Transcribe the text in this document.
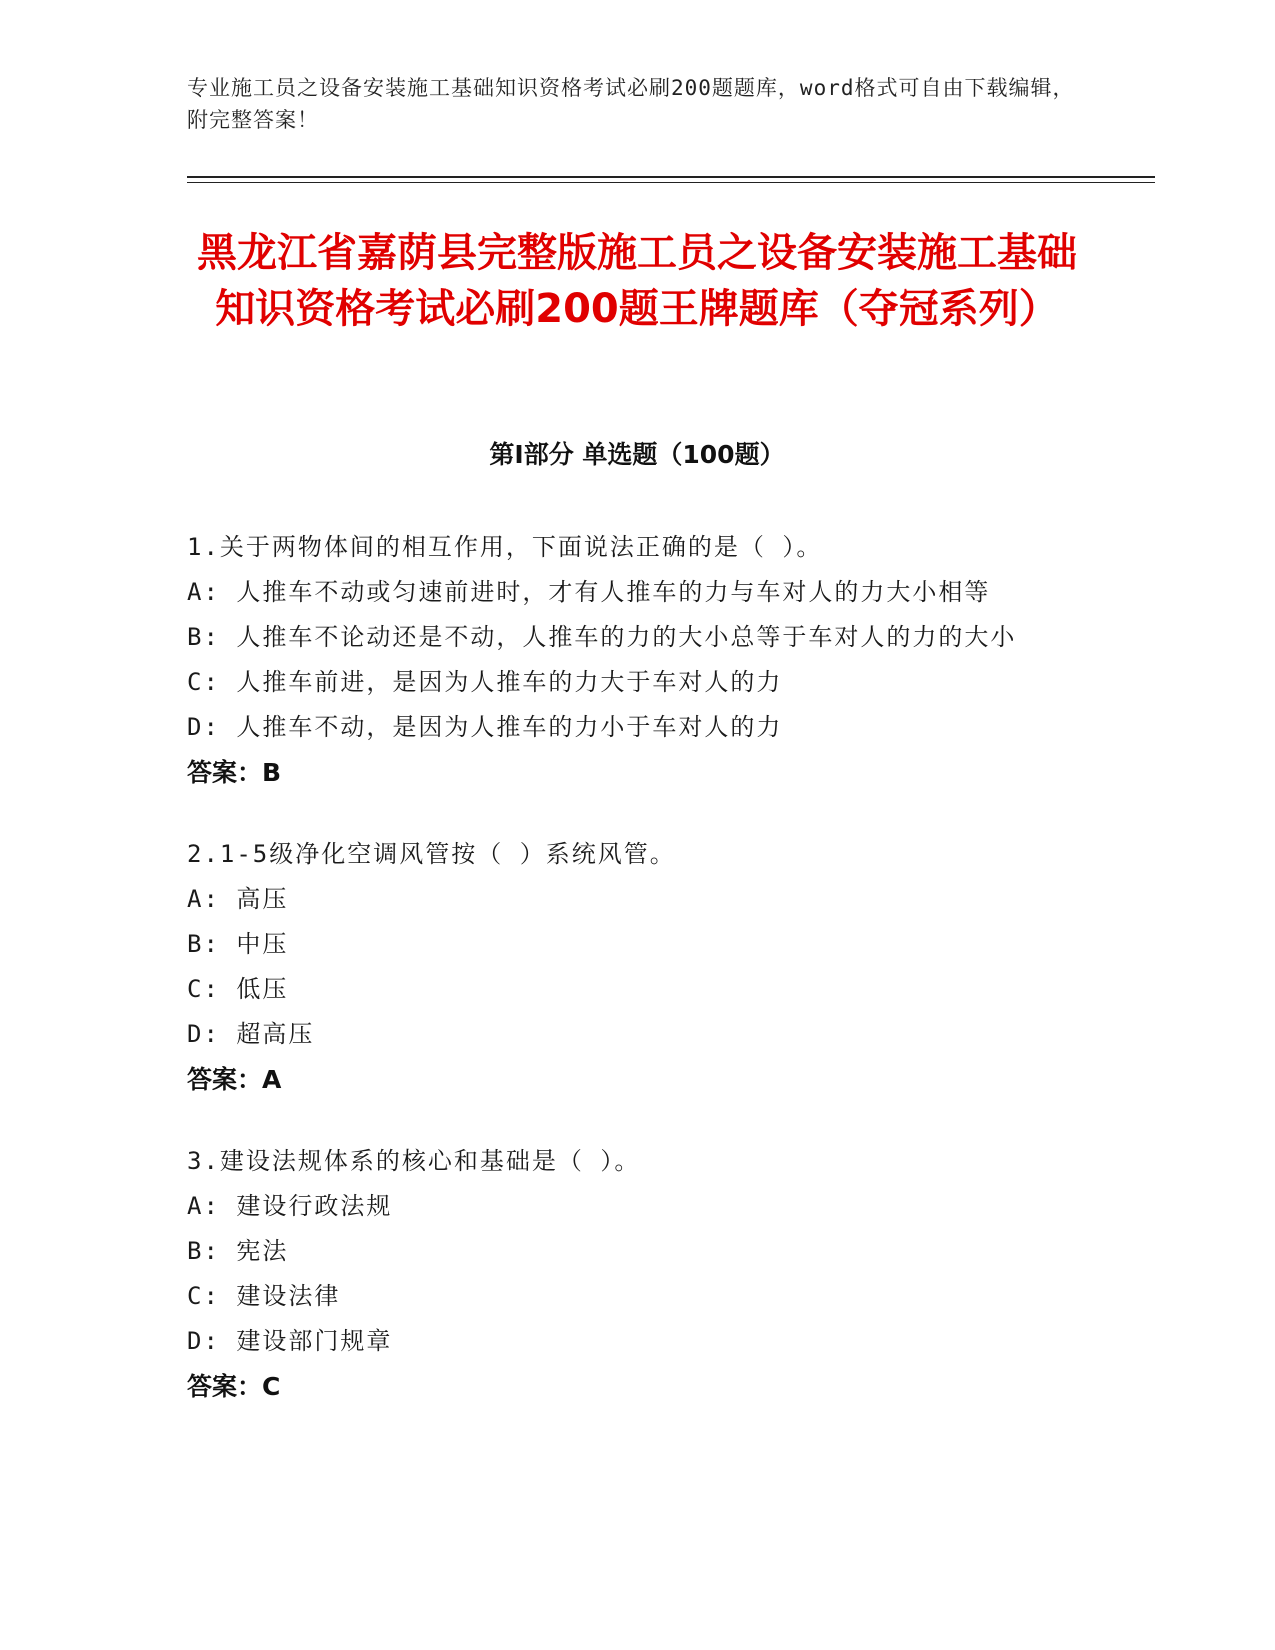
专业施工员之设备安装施工基础知识资格考试必刷200题题库，word格式可自由下载编辑，附完整答案！
黑龙江省嘉荫县完整版施工员之设备安装施工基础知识资格考试必刷200题王牌题库（夺冠系列）
第Ⅰ部分 单选题（100题）
1.关于两物体间的相互作用，下面说法正确的是（ ）。
A: 人推车不动或匀速前进时，才有人推车的力与车对人的力大小相等
B: 人推车不论动还是不动，人推车的力的大小总等于车对人的力的大小
C: 人推车前进，是因为人推车的力大于车对人的力
D: 人推车不动，是因为人推车的力小于车对人的力
答案：B
2.1-5级净化空调风管按（ ）系统风管。
A: 高压
B: 中压
C: 低压
D: 超高压
答案：A
3.建设法规体系的核心和基础是（ ）。
A: 建设行政法规
B: 宪法
C: 建设法律
D: 建设部门规章
答案：C
